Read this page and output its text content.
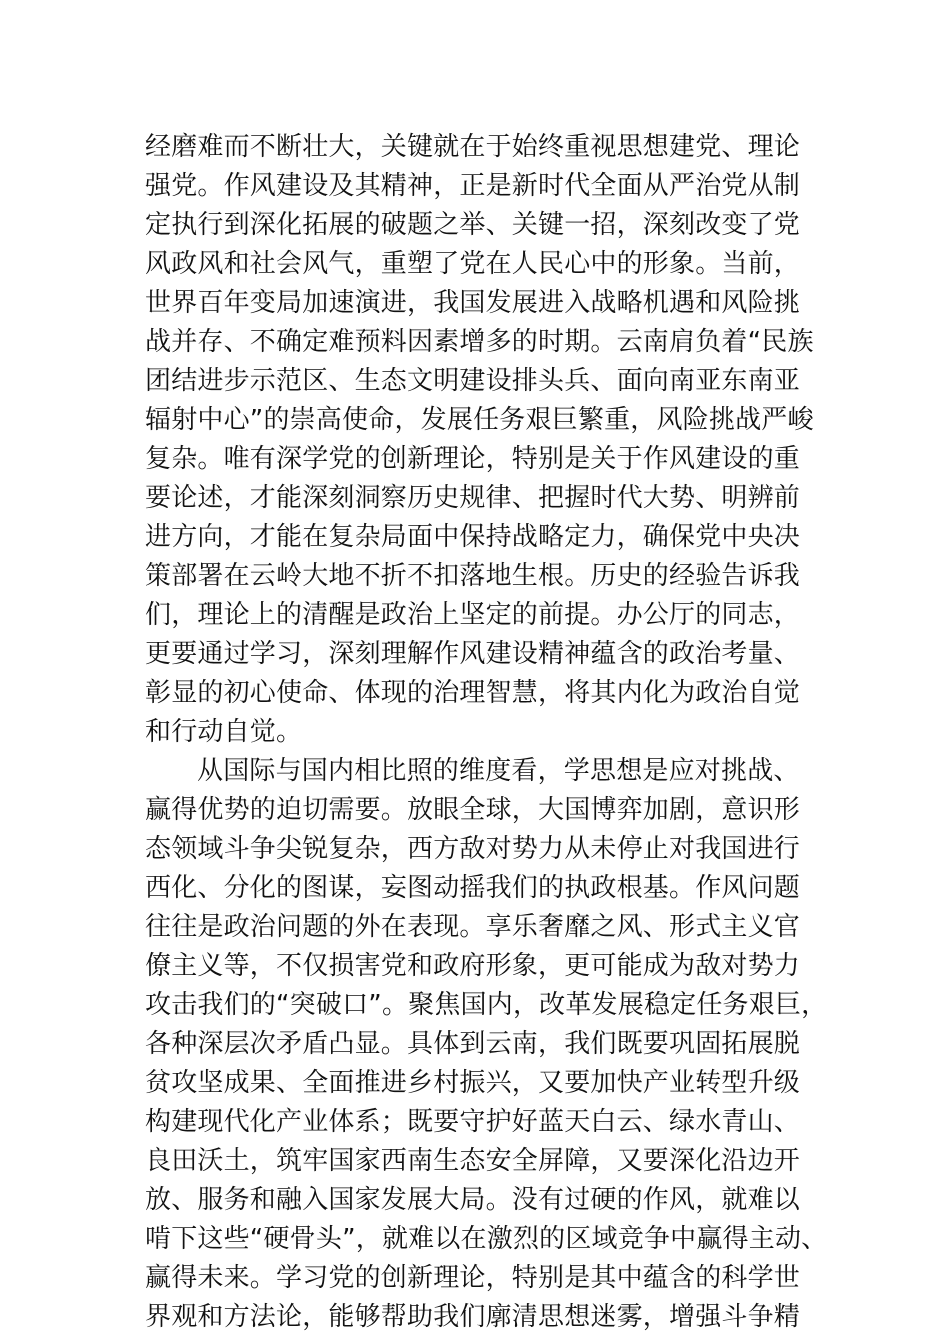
经磨难而不断壮大，关键就在于始终重视思想建党、理论
强党。作风建设及其精神，正是新时代全面从严治党从制
定执行到深化拓展的破题之举、关键一招，深刻改变了党
风政风和社会风气，重塑了党在人民心中的形象。当前，
世界百年变局加速演进，我国发展进入战略机遇和风险挑
战并存、不确定难预料因素增多的时期。云南肩负着“民族
团结进步示范区、生态文明建设排头兵、面向南亚东南亚
辐射中心”的崇高使命，发展任务艰巨繁重，风险挑战严峻
复杂。唯有深学党的创新理论，特别是关于作风建设的重
要论述，才能深刻洞察历史规律、把握时代大势、明辨前
进方向，才能在复杂局面中保持战略定力，确保党中央决
策部署在云岭大地不折不扣落地生根。历史的经验告诉我
们，理论上的清醒是政治上坚定的前提。办公厅的同志，
更要通过学习，深刻理解作风建设精神蕴含的政治考量、
彰显的初心使命、体现的治理智慧，将其内化为政治自觉
和行动自觉。
从国际与国内相比照的维度看，学思想是应对挑战、
赢得优势的迫切需要。放眼全球，大国博弈加剧，意识形
态领域斗争尖锐复杂，西方敌对势力从未停止对我国进行
西化、分化的图谋，妄图动摇我们的执政根基。作风问题
往往是政治问题的外在表现。享乐奢靡之风、形式主义官
僚主义等，不仅损害党和政府形象，更可能成为敌对势力
攻击我们的“突破口”。聚焦国内，改革发展稳定任务艰巨，
各种深层次矛盾凸显。具体到云南，我们既要巩固拓展脱
贫攻坚成果、全面推进乡村振兴，又要加快产业转型升级
构建现代化产业体系；既要守护好蓝天白云、绿水青山、
良田沃土，筑牢国家西南生态安全屏障，又要深化沿边开
放、服务和融入国家发展大局。没有过硬的作风，就难以
啃下这些“硬骨头”，就难以在激烈的区域竞争中赢得主动、
赢得未来。学习党的创新理论，特别是其中蕴含的科学世
界观和方法论，能够帮助我们廓清思想迷雾，增强斗争精
